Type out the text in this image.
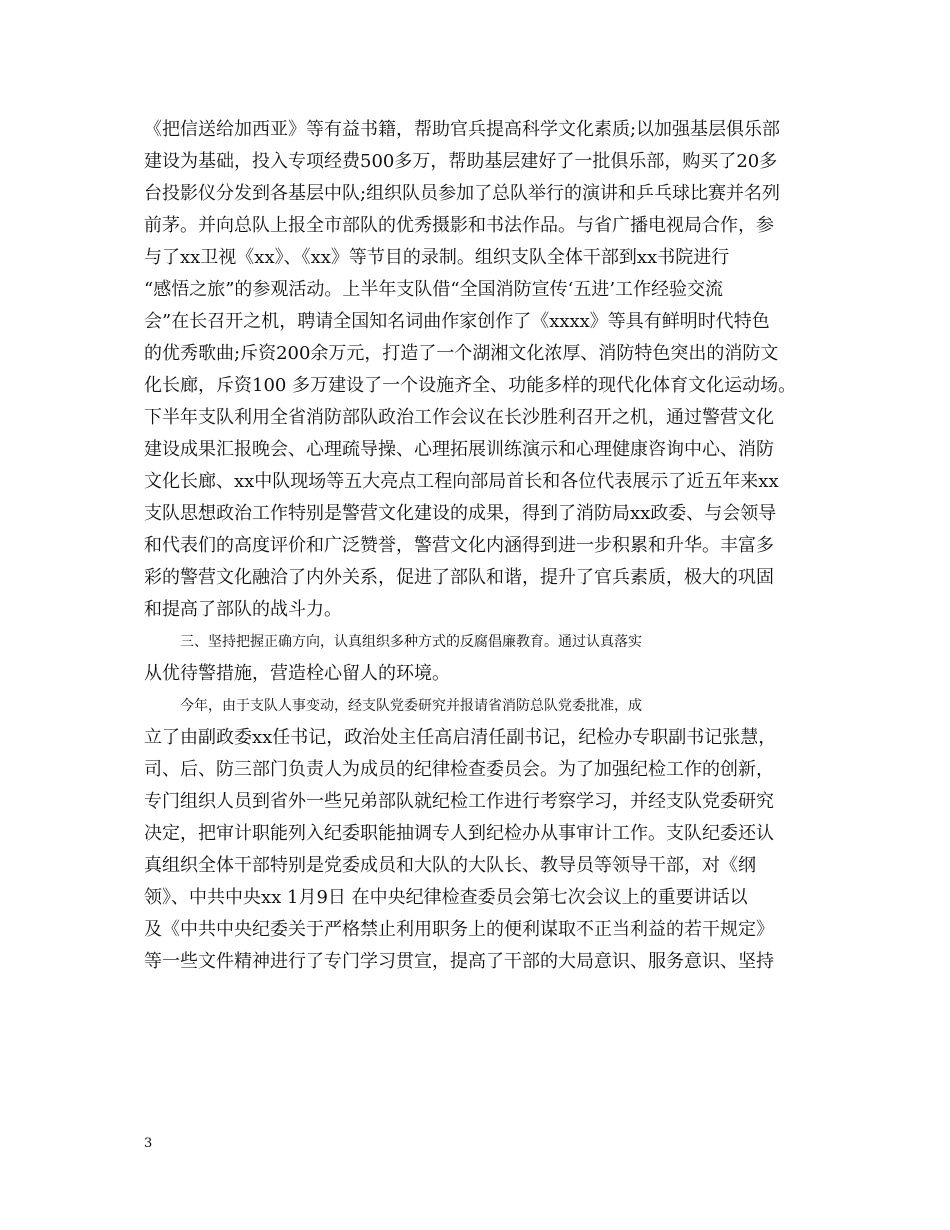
《把信送给加西亚》等有益书籍，帮助官兵提高科学文化素质;以加强基层俱乐部
建设为基础，投入专项经费500多万，帮助基层建好了一批俱乐部，购买了20多
台投影仪分发到各基层中队;组织队员参加了总队举行的演讲和乒乓球比赛并名列
前茅。并向总队上报全市部队的优秀摄影和书法作品。与省广播电视局合作，参
与了xx卫视《xx》、《xx》等节目的录制。组织支队全体干部到xx书院进行
“感悟之旅”的参观活动。上半年支队借“全国消防宣传‘五进’工作经验交流
会”在长召开之机，聘请全国知名词曲作家创作了《xxxx》等具有鲜明时代特色
的优秀歌曲;斥资200余万元，打造了一个湖湘文化浓厚、消防特色突出的消防文
化长廊，斥资100 多万建设了一个设施齐全、功能多样的现代化体育文化运动场。
下半年支队利用全省消防部队政治工作会议在长沙胜利召开之机，通过警营文化
建设成果汇报晚会、心理疏导操、心理拓展训练演示和心理健康咨询中心、消防
文化长廊、xx中队现场等五大亮点工程向部局首长和各位代表展示了近五年来xx
支队思想政治工作特别是警营文化建设的成果，得到了消防局xx政委、与会领导
和代表们的高度评价和广泛赞誉，警营文化内涵得到进一步积累和升华。丰富多
彩的警营文化融洽了内外关系，促进了部队和谐，提升了官兵素质，极大的巩固
和提高了部队的战斗力。
三、坚持把握正确方向，认真组织多种方式的反腐倡廉教育。通过认真落实
从优待警措施，营造栓心留人的环境。
今年，由于支队人事变动，经支队党委研究并报请省消防总队党委批准，成
立了由副政委xx任书记，政治处主任高启清任副书记，纪检办专职副书记张慧，
司、后、防三部门负责人为成员的纪律检查委员会。为了加强纪检工作的创新，
专门组织人员到省外一些兄弟部队就纪检工作进行考察学习，并经支队党委研究
决定，把审计职能列入纪委职能抽调专人到纪检办从事审计工作。支队纪委还认
真组织全体干部特别是党委成员和大队的大队长、教导员等领导干部，对《纲
领》、中共中央xx 1月9日 在中央纪律检查委员会第七次会议上的重要讲话以
及《中共中央纪委关于严格禁止利用职务上的便利谋取不正当利益的若干规定》
等一些文件精神进行了专门学习贯宣，提高了干部的大局意识、服务意识、坚持
3
